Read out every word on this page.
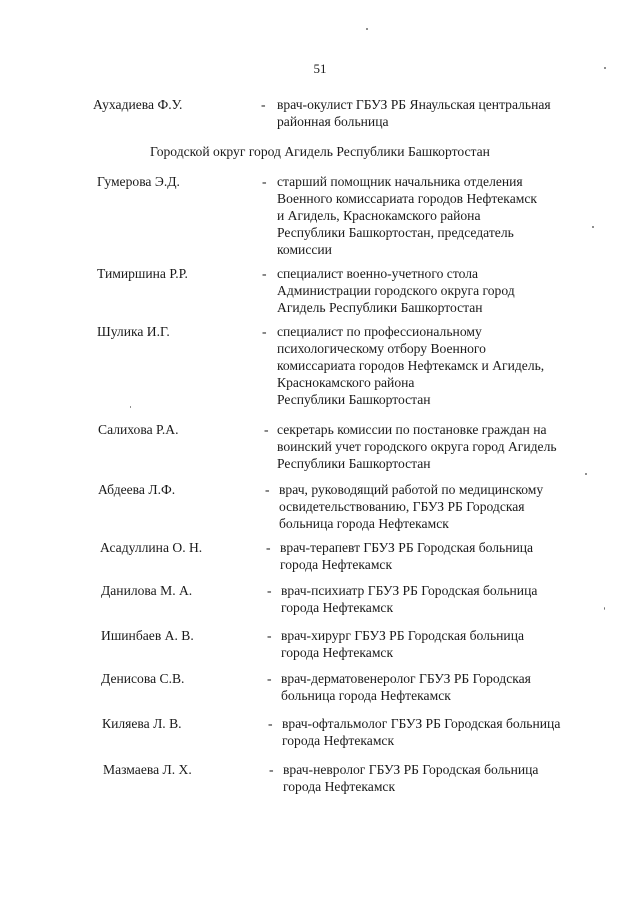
51
Аухадиева Ф.У.	- врач-окулист ГБУЗ РБ Янаульская центральная
районная больница
Городской округ город Агидель Республики Башкортостан
Гумерова Э.Д.	- старший помощник начальника отделения
Военного комиссариата городов Нефтекамск
и Агидель, Краснокамского района
Республики Башкортостан, председатель
комиссии
Тимиршина Р.Р.	- специалист военно-учетного стола
Администрации городского округа город
Агидель Республики Башкортостан
Шулика И.Г.	- специалист по профессиональному
психологическому отбору Военного
комиссариата городов Нефтекамск и Агидель,
Краснокамского района
Республики Башкортостан
Салихова Р.А.	- секретарь комиссии по постановке граждан на
воинский учет городского округа город Агидель
Республики Башкортостан
Абдеева Л.Ф.	- врач, руководящий работой по медицинскому
освидетельствованию, ГБУЗ РБ Городская
больница города Нефтекамск
Асадуллина О. Н.	- врач-терапевт ГБУЗ РБ Городская больница
города Нефтекамск
Данилова М. А.	- врач-психиатр ГБУЗ РБ Городская больница
города Нефтекамск
Ишинбаев А. В.	- врач-хирург ГБУЗ РБ Городская больница
города Нефтекамск
Денисова С.В.	- врач-дерматовенеролог ГБУЗ РБ Городская
больница города Нефтекамск
Киляева Л. В.	- врач-офтальмолог ГБУЗ РБ Городская больница
города Нефтекамск
Мазмаева Л. Х.	- врач-невролог ГБУЗ РБ Городская больница
города Нефтекамск
